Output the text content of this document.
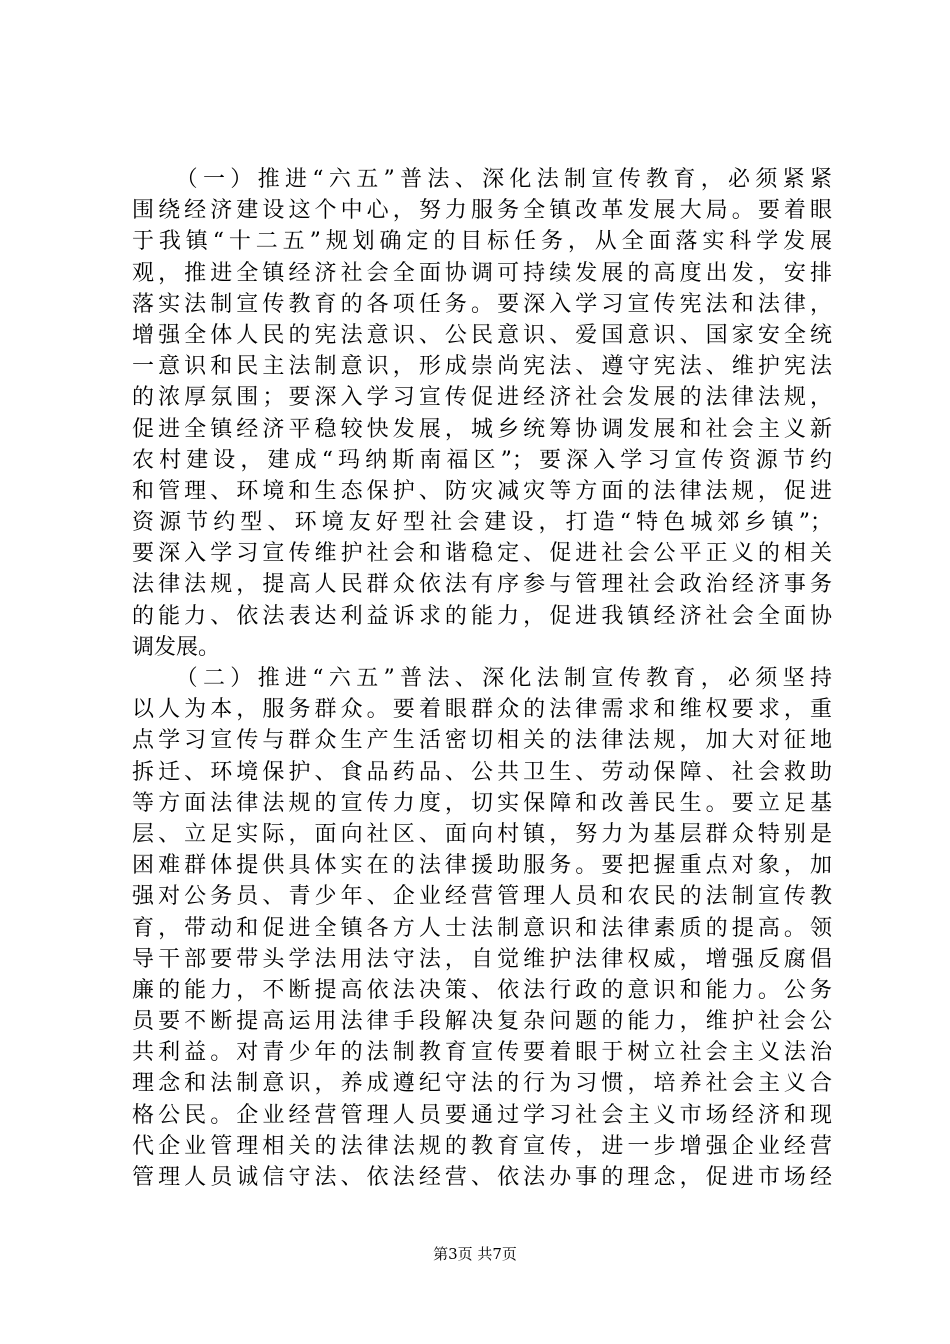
　　（一）推进“六五”普法、深化法制宣传教育，必须紧紧
围绕经济建设这个中心，努力服务全镇改革发展大局。要着眼
于我镇“十二五”规划确定的目标任务，从全面落实科学发展
观，推进全镇经济社会全面协调可持续发展的高度出发，安排
落实法制宣传教育的各项任务。要深入学习宣传宪法和法律，
增强全体人民的宪法意识、公民意识、爱国意识、国家安全统
一意识和民主法制意识，形成崇尚宪法、遵守宪法、维护宪法
的浓厚氛围；要深入学习宣传促进经济社会发展的法律法规，
促进全镇经济平稳较快发展，城乡统筹协调发展和社会主义新
农村建设，建成“玛纳斯南福区”；要深入学习宣传资源节约
和管理、环境和生态保护、防灾减灾等方面的法律法规，促进
资源节约型、环境友好型社会建设，打造“特色城郊乡镇”；
要深入学习宣传维护社会和谐稳定、促进社会公平正义的相关
法律法规，提高人民群众依法有序参与管理社会政治经济事务
的能力、依法表达利益诉求的能力，促进我镇经济社会全面协
调发展。
　　（二）推进“六五”普法、深化法制宣传教育，必须坚持
以人为本，服务群众。要着眼群众的法律需求和维权要求，重
点学习宣传与群众生产生活密切相关的法律法规，加大对征地
拆迁、环境保护、食品药品、公共卫生、劳动保障、社会救助
等方面法律法规的宣传力度，切实保障和改善民生。要立足基
层、立足实际，面向社区、面向村镇，努力为基层群众特别是
困难群体提供具体实在的法律援助服务。要把握重点对象，加
强对公务员、青少年、企业经营管理人员和农民的法制宣传教
育，带动和促进全镇各方人士法制意识和法律素质的提高。领
导干部要带头学法用法守法，自觉维护法律权威，增强反腐倡
廉的能力，不断提高依法决策、依法行政的意识和能力。公务
员要不断提高运用法律手段解决复杂问题的能力，维护社会公
共利益。对青少年的法制教育宣传要着眼于树立社会主义法治
理念和法制意识，养成遵纪守法的行为习惯，培养社会主义合
格公民。企业经营管理人员要通过学习社会主义市场经济和现
代企业管理相关的法律法规的教育宣传，进一步增强企业经营
管理人员诚信守法、依法经营、依法办事的理念，促进市场经
第3页 共7页
